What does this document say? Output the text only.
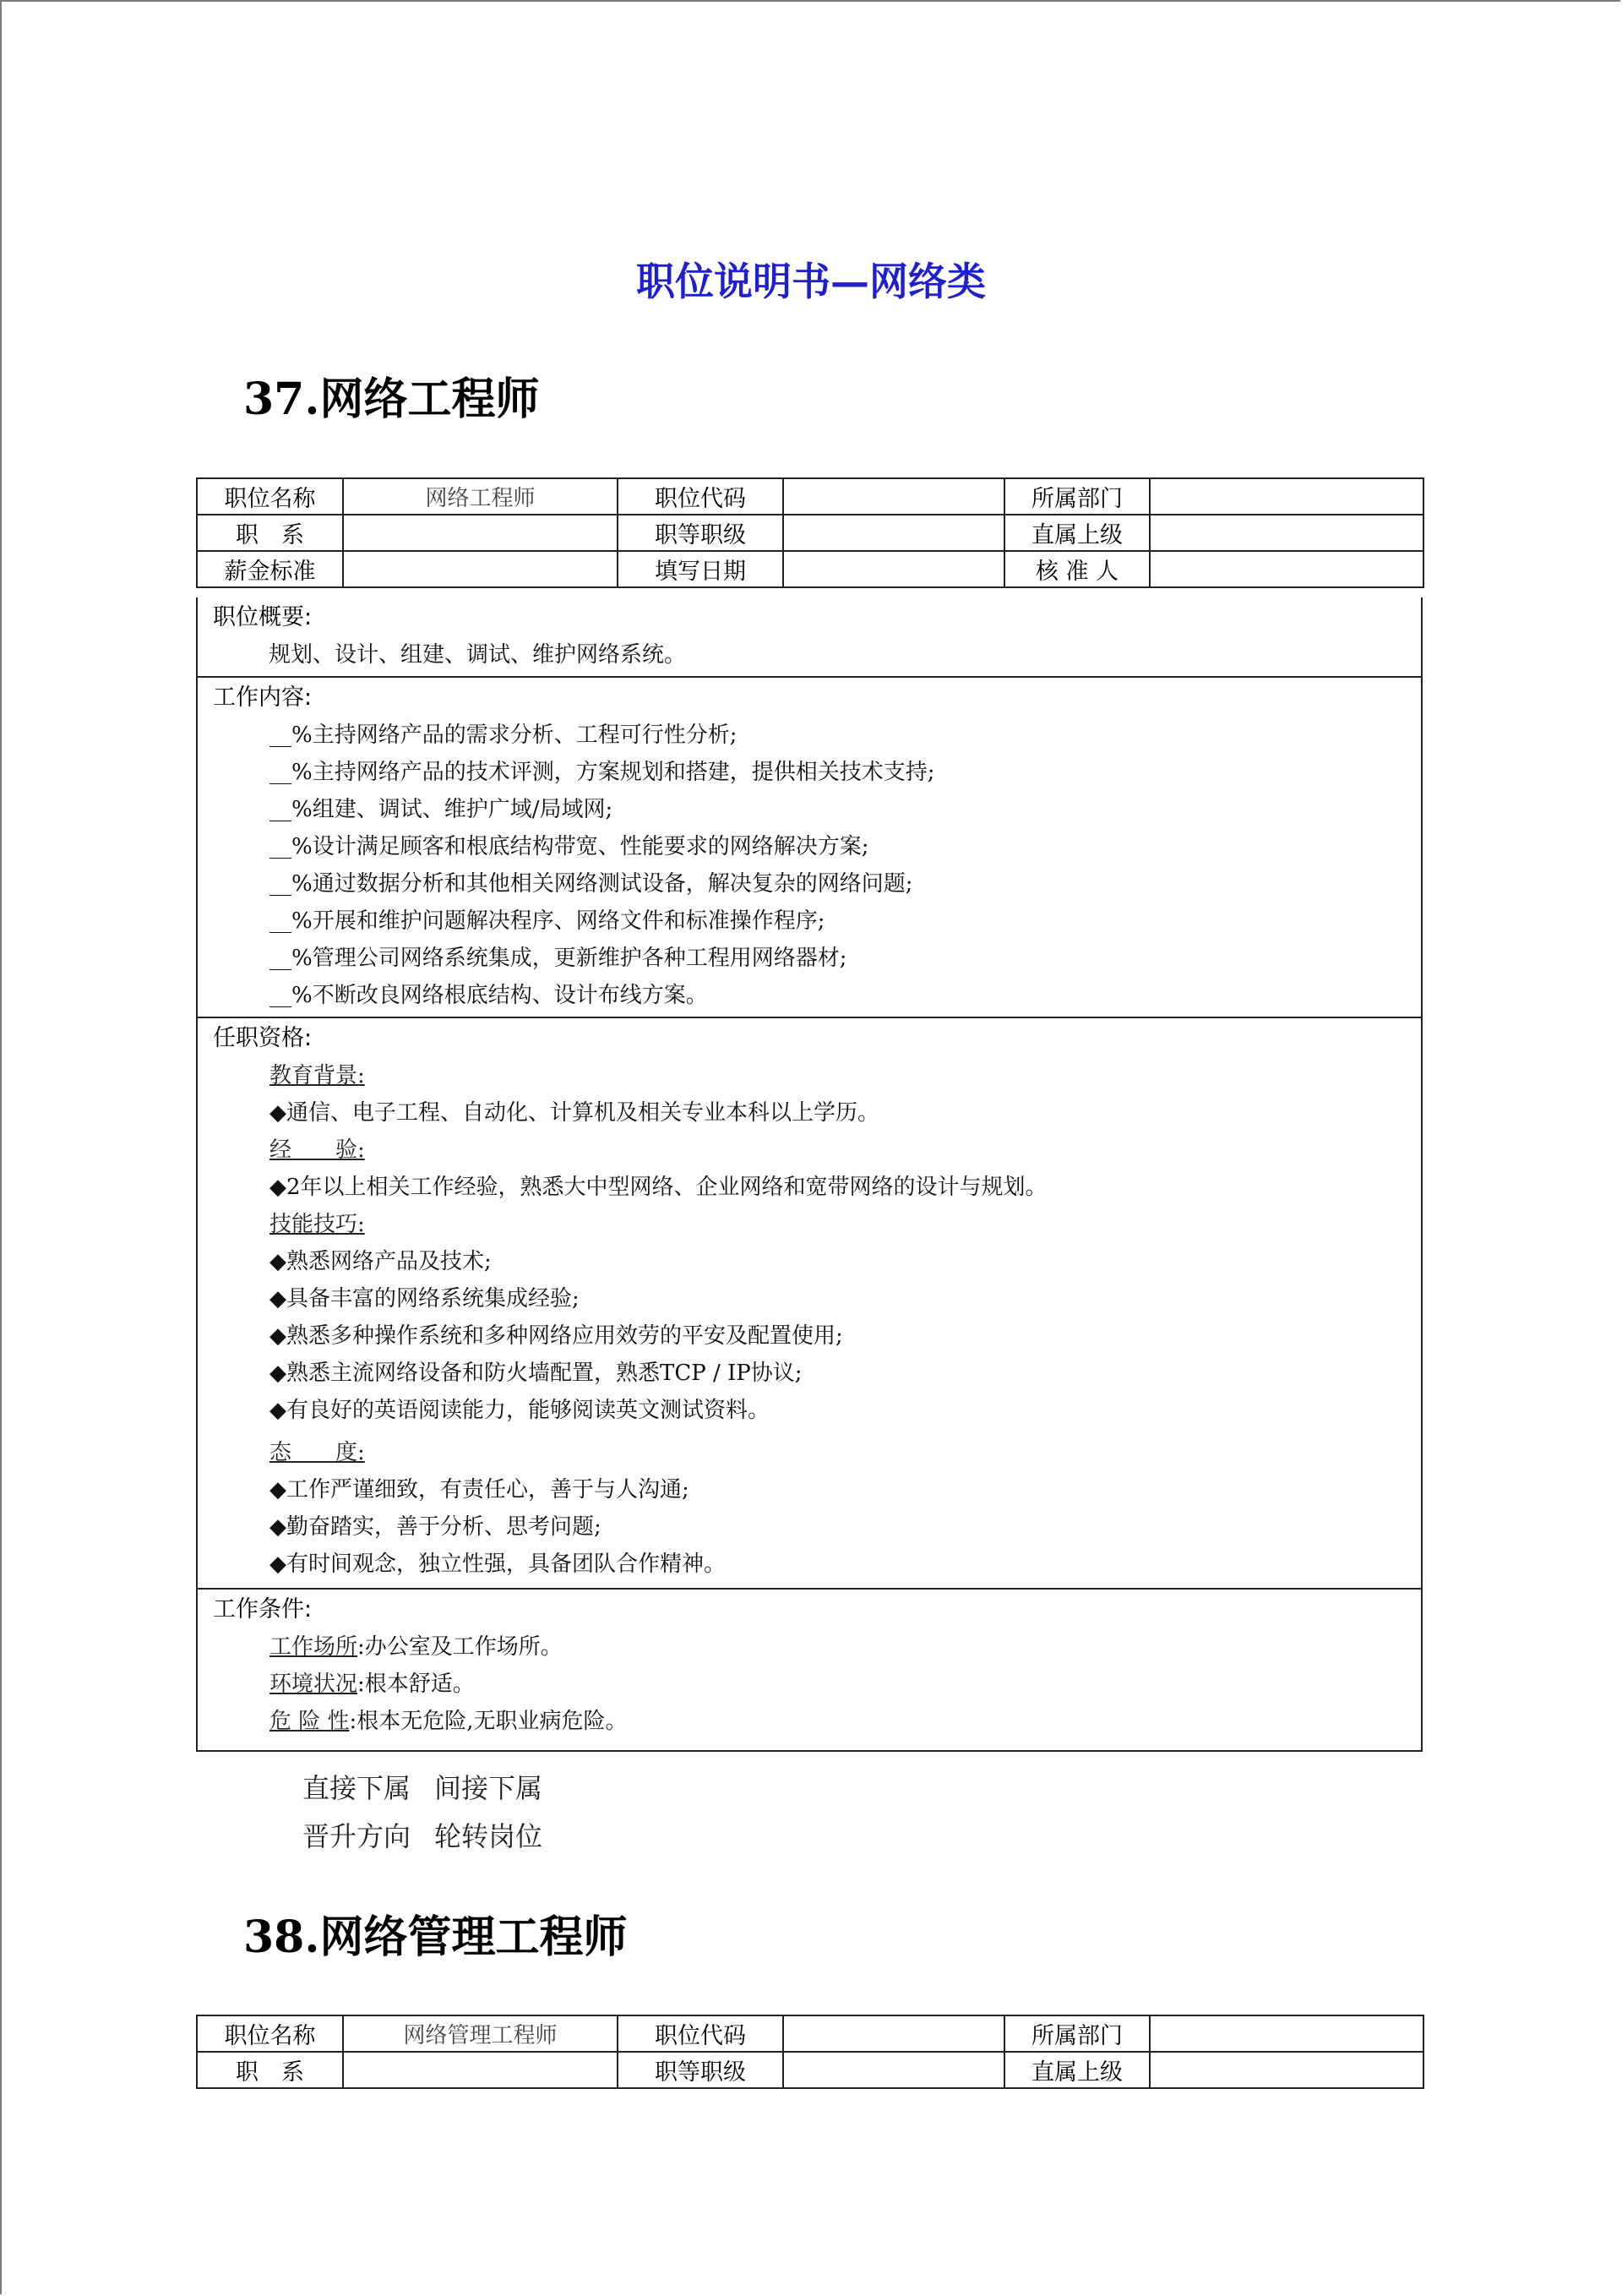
职位说明书—网络类
37.网络工程师
职位名称	网络工程师	职位代码		所属部门	
职　系		职等职级		直属上级	
薪金标准		填写日期		核 准 人	
职位概要:
规划、设计、组建、调试、维护网络系统。
工作内容:
__%主持网络产品的需求分析、工程可行性分析;
__%主持网络产品的技术评测，方案规划和搭建，提供相关技术支持;
__%组建、调试、维护广域/局域网;
__%设计满足顾客和根底结构带宽、性能要求的网络解决方案;
__%通过数据分析和其他相关网络测试设备，解决复杂的网络问题;
__%开展和维护问题解决程序、网络文件和标准操作程序;
__%管理公司网络系统集成，更新维护各种工程用网络器材;
__%不断改良网络根底结构、设计布线方案。
任职资格:
教育背景:
◆通信、电子工程、自动化、计算机及相关专业本科以上学历。
经　　验:
◆2年以上相关工作经验，熟悉大中型网络、企业网络和宽带网络的设计与规划。
技能技巧:
◆熟悉网络产品及技术;
◆具备丰富的网络系统集成经验;
◆熟悉多种操作系统和多种网络应用效劳的平安及配置使用;
◆熟悉主流网络设备和防火墙配置，熟悉TCP / IP协议;
◆有良好的英语阅读能力，能够阅读英文测试资料。
态　　度:
◆工作严谨细致，有责任心，善于与人沟通;
◆勤奋踏实，善于分析、思考问题;
◆有时间观念，独立性强，具备团队合作精神。
工作条件:
工作场所:办公室及工作场所。
环境状况:根本舒适。
危 险 性:根本无危险,无职业病危险。
直接下属 间接下属
晋升方向 轮转岗位
38.网络管理工程师
职位名称	网络管理工程师	职位代码		所属部门	
职　系		职等职级		直属上级	
